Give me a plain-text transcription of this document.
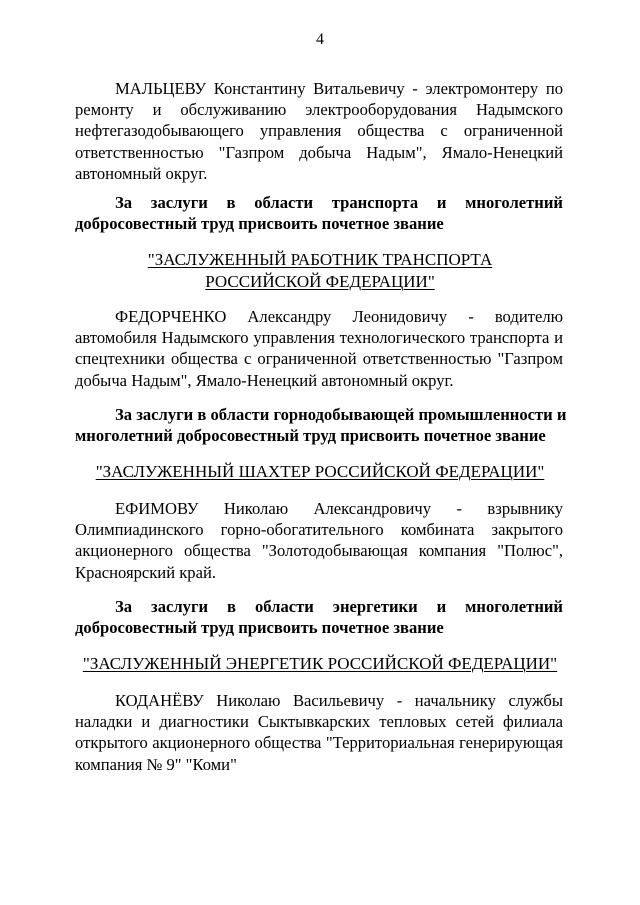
4
МАЛЬЦЕВУ Константину Витальевичу - электромонтеру по
ремонту и обслуживанию электрооборудования Надымского
нефтегазодобывающего управления общества с ограниченной
ответственностью "Газпром добыча Надым", Ямало-Ненецкий
автономный округ.
За заслуги в области транспорта и многолетний
добросовестный труд присвоить почетное звание
"ЗАСЛУЖЕННЫЙ РАБОТНИК ТРАНСПОРТА
РОССИЙСКОЙ ФЕДЕРАЦИИ"
ФЕДОРЧЕНКО Александру Леонидовичу - водителю
автомобиля Надымского управления технологического транспорта и
спецтехники общества с ограниченной ответственностью "Газпром
добыча Надым", Ямало-Ненецкий автономный округ.
За заслуги в области горнодобывающей промышленности и
многолетний добросовестный труд присвоить почетное звание
"ЗАСЛУЖЕННЫЙ ШАХТЕР РОССИЙСКОЙ ФЕДЕРАЦИИ"
ЕФИМОВУ Николаю Александровичу - взрывнику
Олимпиадинского горно-обогатительного комбината закрытого
акционерного общества "Золотодобывающая компания "Полюс",
Красноярский край.
За заслуги в области энергетики и многолетний
добросовестный труд присвоить почетное звание
"ЗАСЛУЖЕННЫЙ ЭНЕРГЕТИК РОССИЙСКОЙ ФЕДЕРАЦИИ"
КОДАНЁВУ Николаю Васильевичу - начальнику службы
наладки и диагностики Сыктывкарских тепловых сетей филиала
открытого акционерного общества "Территориальная генерирующая
компания № 9" "Коми"
